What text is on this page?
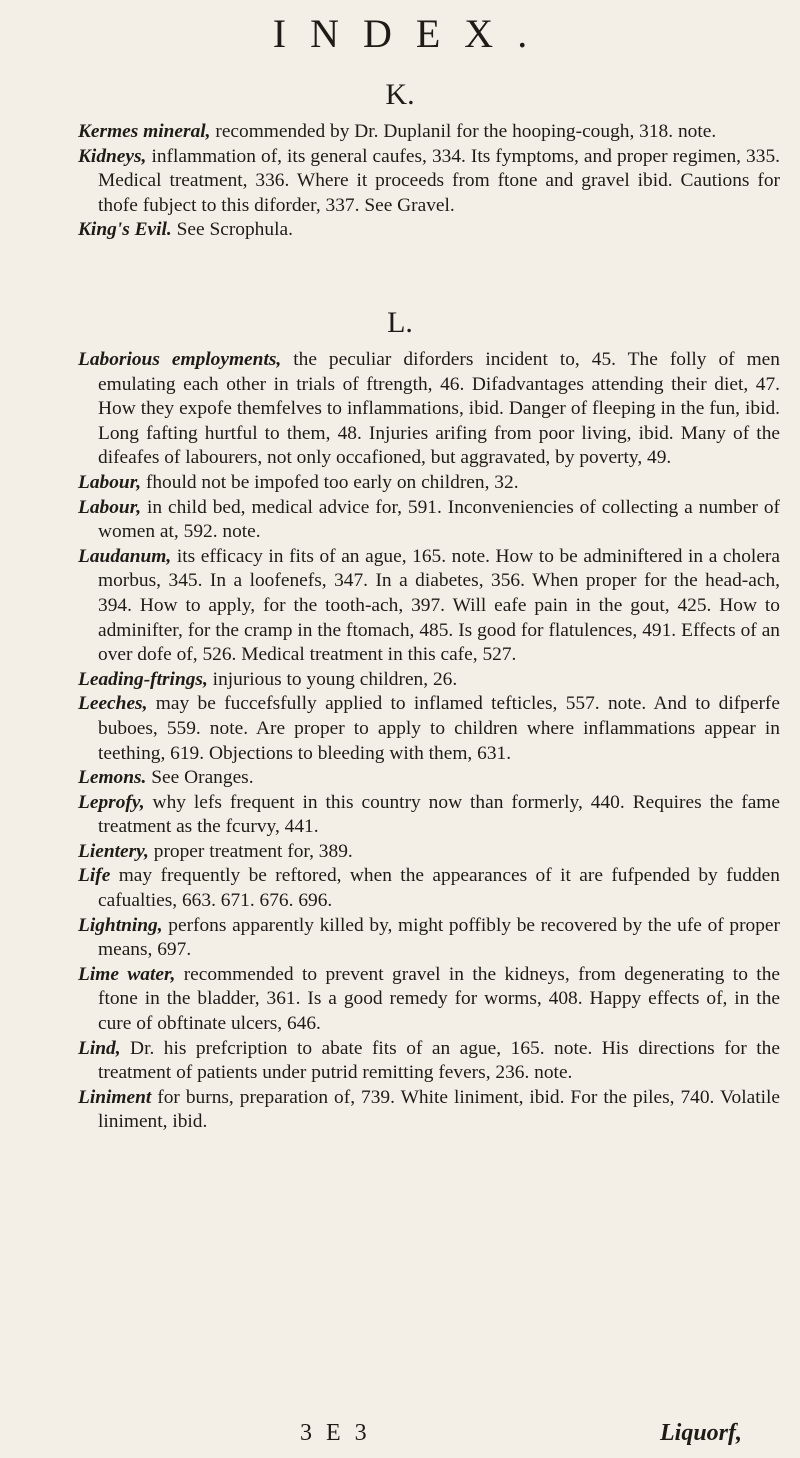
INDEX.
K.

Kermes mineral, recommended by Dr. Duplanil for the hooping-cough, 318. note.

Kidneys, inflammation of, its general caufes, 334. Its fymptoms, and proper regimen, 335. Medical treatment, 336. Where it proceeds from ftone and gravel ibid. Cautions for thofe fubject to this diforder, 337. See Gravel.

King's Evil. See Scrophula.

L.

Laborious employments, the peculiar diforders incident to, 45. The folly of men emulating each other in trials of ftrength, 46. Difadvantages attending their diet, 47. How they expofe themfelves to inflammations, ibid. Danger of fleeping in the fun, ibid. Long fafting hurtful to them, 48. Injuries arifing from poor living, ibid. Many of the difeafes of labourers, not only occafioned, but aggravated, by poverty, 49.

Labour, fhould not be impofed too early on children, 32.

Labour, in child bed, medical advice for, 591. Inconveniencies of collecting a number of women at, 592. note.

Laudanum, its efficacy in fits of an ague, 165. note. How to be adminiftered in a cholera morbus, 345. In a loofenefs, 347. In a diabetes, 356. When proper for the head-ach, 394. How to apply, for the tooth-ach, 397. Will eafe pain in the gout, 425. How to adminifter, for the cramp in the ftomach, 485. Is good for flatulences, 491. Effects of an over dofe of, 526. Medical treatment in this cafe, 527.

Leading-ftrings, injurious to young children, 26.

Leeches, may be fuccefsfully applied to inflamed tefticles, 557. note. And to difperfe buboes, 559. note. Are proper to apply to children where inflammations appear in teething, 619. Objections to bleeding with them, 631.

Lemons. See Oranges.

Leprofy, why lefs frequent in this country now than formerly, 440. Requires the fame treatment as the fcurvy, 441.

Lientery, proper treatment for, 389.

Life may frequently be reftored, when the appearances of it are fufpended by fudden cafualties, 663. 671. 676. 696.

Lightning, perfons apparently killed by, might poffibly be recovered by the ufe of proper means, 697.

Lime water, recommended to prevent gravel in the kidneys, from degenerating to the ftone in the bladder, 361. Is a good remedy for worms, 408. Happy effects of, in the cure of obftinate ulcers, 646.

Lind, Dr. his prefcription to abate fits of an ague, 165. note. His directions for the treatment of patients under putrid remitting fevers, 236. note.

Liniment for burns, preparation of, 739. White liniment, ibid. For the piles, 740. Volatile liniment, ibid.

3 E 3	Liquorf,
